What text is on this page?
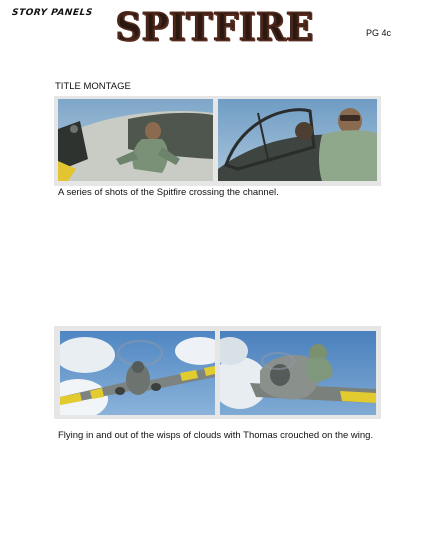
STORY PANELS SPITFIRE	PG 4c
TITLE MONTAGE
A series of shots of the Spitfire crossing the channel.
Flying in and out of the wisps of clouds with Thomas crouched on the wing.
